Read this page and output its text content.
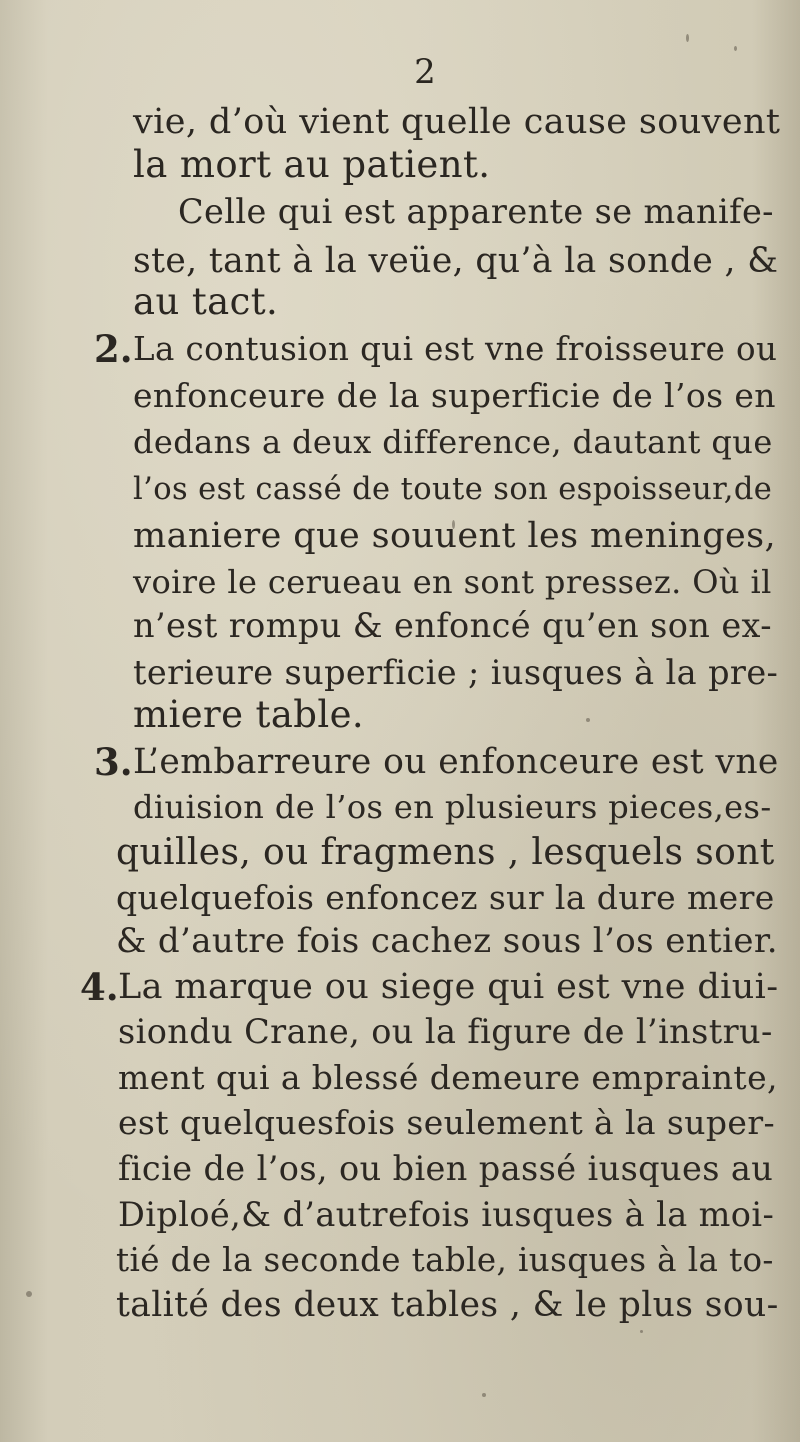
2
vie, d’où vient quelle cause souvent
la mort au patient.
Celle qui est apparente se manife-
ste, tant à la veüe, qu’à la sonde , &
au tact.
2. La contusion qui est vne froisseure ou
enfonceure de la superficie de l’os en
dedans a deux difference, dautant que
l’os est cassé de toute son espoisseur,de
maniere que souuent les meninges,
voire le cerueau en sont pressez. Où il
n’est rompu & enfoncé qu’en son ex-
terieure superficie ; iusques à la pre-
miere table.
3. L’embarreure ou enfonceure est vne
diuision de l’os en plusieurs pieces,es-
quilles, ou fragmens , lesquels sont
quelquefois enfoncez sur la dure mere
& d’autre fois cachez sous l’os entier.
4. La marque ou siege qui est vne diui-
siondu Crane, ou la figure de l’instru-
ment qui a blessé demeure emprainte,
est quelquesfois seulement à la super-
ficie de l’os, ou bien passé iusques au
Diploé,& d’autrefois iusques à la moi-
tié de la seconde table, iusques à la to-
talité des deux tables , & le plus sou-
